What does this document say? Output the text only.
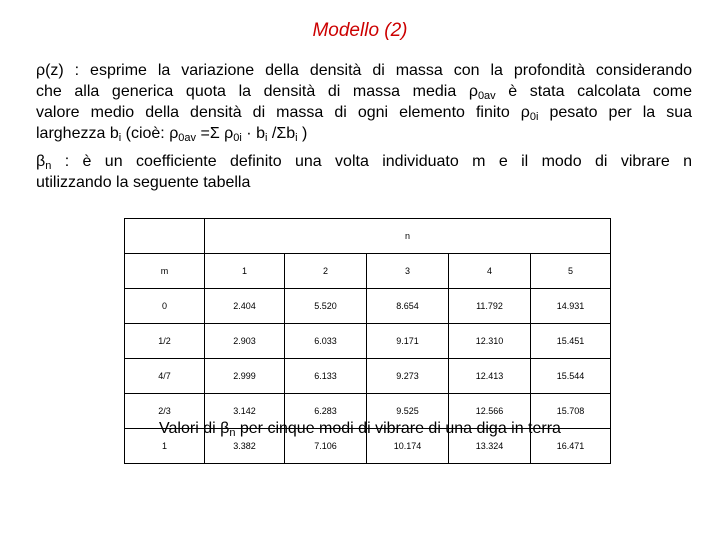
Modello (2)
ρ(z) : esprime la variazione della densità di massa con la profondità considerando
che alla generica quota la densità di massa media $\rho_{0av}$ è stata calcolata come
valore medio della densità di massa di ogni elemento finito $\rho_{0i}$ pesato per la sua
larghezza $b_i$ (cioè: $\rho_{0av} =\Sigma$ $\rho_{0i} \cdot b_i$ $/\Sigma b_i$ )
$\beta_n$ : è un coefficiente definito una volta individuato m e il modo di vibrare n
utilizzando la seguente tabella
	n				
m	1	2	3	4	5
0	2.404	5.520	8.654	11.792	14.931
1/2	2.903	6.033	9.171	12.310	15.451
4/7	2.999	6.133	9.273	12.413	15.544
2/3	3.142	6.283	9.525	12.566	15.708
1	3.382	7.106	10.174	13.324	16.471
Valori di $\beta_n$ per cinque modi di vibrare di una diga in terra
